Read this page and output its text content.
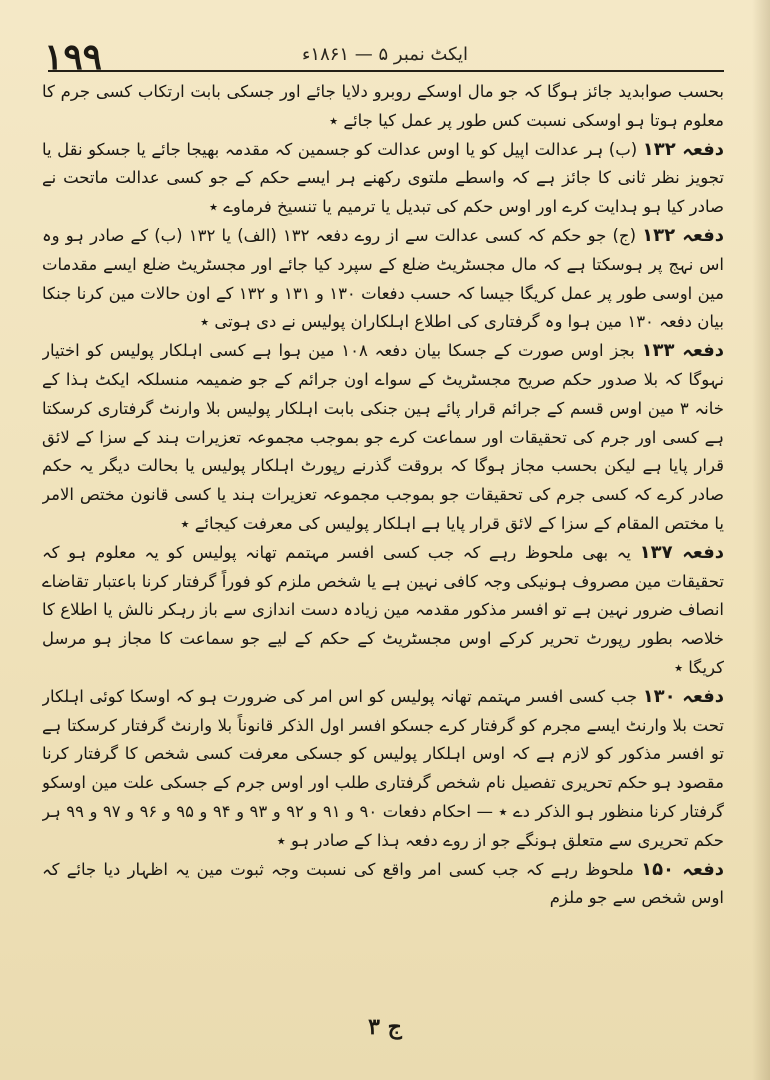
۱۹۹	ایکٹ نمبر ۵ — ۱۸۶۱ء

بحسب صوابدید جائز ہوگا کہ جو مال اوسکے روبرو دلایا جائے اور جسکی بابت ارتکاب کسی جرم کا معلوم ہوتا ہو اوسکی نسبت کس طور پر عمل کیا جائے ٭

دفعہ ۱۳۲ (ب) ہر عدالت اپیل کو یا اوس عدالت کو جسمین کہ مقدمہ بھیجا جائے یا جسکو نقل یا تجویز نظر ثانی کا جائز ہے کہ واسطے ملتوی رکھنے ہر ایسے حکم کے جو کسی عدالت ماتحت نے صادر کیا ہو ہدایت کرے اور اوس حکم کی تبدیل یا ترمیم یا تنسیخ فرماوے ٭

دفعہ ۱۳۲ (ج) جو حکم کہ کسی عدالت سے از روے دفعہ ۱۳۲ (الف) یا ۱۳۲ (ب) کے صادر ہو وہ اس نہج پر ہوسکتا ہے کہ مال مجسٹریٹ ضلع کے سپرد کیا جائے اور مجسٹریٹ ضلع ایسے مقدمات مین اوسی طور پر عمل کریگا جیسا کہ حسب دفعات ۱۳۰ و ۱۳۱ و ۱۳۲ کے اون حالات مین کرنا جنکا بیان دفعہ ۱۳۰ مین ہوا وہ گرفتاری کی اطلاع اہلکاران پولیس نے دی ہوتی ٭

دفعہ ۱۳۳ بجز اوس صورت کے جسکا بیان دفعہ ۱۰۸ مین ہوا ہے کسی اہلکار پولیس کو اختیار نہوگا کہ بلا صدور حکم صریح مجسٹریٹ کے سواے اون جرائم کے جو ضمیمہ منسلکہ ایکٹ ہذا کے خانہ ۳ مین اوس قسم کے جرائم قرار پائے ہین جنکی بابت اہلکار پولیس بلا وارنٹ گرفتاری کرسکتا ہے کسی اور جرم کی تحقیقات اور سماعت کرے جو بموجب مجموعہ تعزیرات ہند کے سزا کے لائق قرار پایا ہے لیکن بحسب مجاز ہوگا کہ بروقت گذرنے رپورٹ اہلکار پولیس یا بحالت دیگر یہ حکم صادر کرے کہ کسی جرم کی تحقیقات جو بموجب مجموعہ تعزیرات ہند یا کسی قانون مختص الامر یا مختص المقام کے سزا کے لائق قرار پایا ہے اہلکار پولیس کی معرفت کیجائے ٭

دفعہ ۱۳۷ یہ بھی ملحوظ رہے کہ جب کسی افسر مہتمم تھانہ پولیس کو یہ معلوم ہو کہ تحقیقات مین مصروف ہونیکی وجہ کافی نہین ہے یا شخص ملزم کو فوراً گرفتار کرنا باعتبار تقاضاے انصاف ضرور نہین ہے تو افسر مذکور مقدمہ مین زیادہ دست اندازی سے باز رہکر نالش یا اطلاع کا خلاصہ بطور رپورٹ تحریر کرکے اوس مجسٹریٹ کے حکم کے لیے جو سماعت کا مجاز ہو مرسل کریگا ٭

دفعہ ۱۳۰ جب کسی افسر مہتمم تھانہ پولیس کو اس امر کی ضرورت ہو کہ اوسکا کوئی اہلکار تحت بلا وارنٹ ایسے مجرم کو گرفتار کرے جسکو افسر اول الذکر قانوناً بلا وارنٹ گرفتار کرسکتا ہے تو افسر مذکور کو لازم ہے کہ اوس اہلکار پولیس کو جسکی معرفت کسی شخص کا گرفتار کرنا مقصود ہو حکم تحریری تفصیل نام شخص گرفتاری طلب اور اوس جرم کے جسکی علت مین اوسکو گرفتار کرنا منظور ہو الذکر دے ٭ — احکام دفعات ۹۰ و ۹۱ و ۹۲ و ۹۳ و ۹۴ و ۹۵ و ۹۶ و ۹۷ و ۹۹ ہر حکم تحریری سے متعلق ہونگے جو از روے دفعہ ہذا کے صادر ہو ٭

دفعہ ۱۵۰ ملحوظ رہے کہ جب کسی امر واقع کی نسبت وجہ ثبوت مین یہ اظہار دیا جائے کہ اوس شخص سے جو ملزم

ج ۳
